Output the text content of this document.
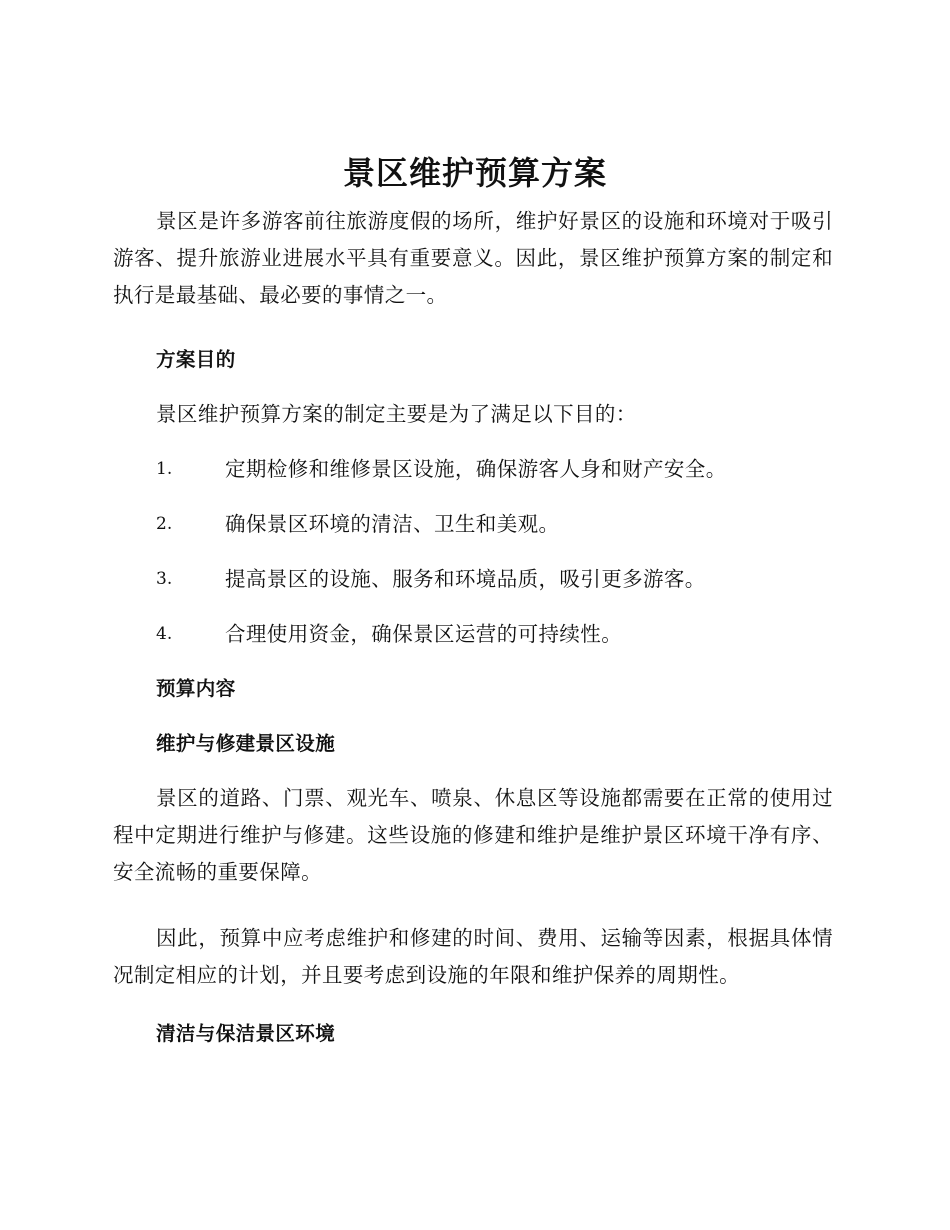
景区维护预算方案

景区是许多游客前往旅游度假的场所，维护好景区的设施和环境对于吸引游客、提升旅游业进展水平具有重要意义。因此，景区维护预算方案的制定和执行是最基础、最必要的事情之一。

方案目的

景区维护预算方案的制定主要是为了满足以下目的：

1.	定期检修和维修景区设施，确保游客人身和财产安全。
2.	确保景区环境的清洁、卫生和美观。
3.	提高景区的设施、服务和环境品质，吸引更多游客。
4.	合理使用资金，确保景区运营的可持续性。
预算内容
维护与修建景区设施

景区的道路、门票、观光车、喷泉、休息区等设施都需要在正常的使用过程中定期进行维护与修建。这些设施的修建和维护是维护景区环境干净有序、安全流畅的重要保障。

因此，预算中应考虑维护和修建的时间、费用、运输等因素，根据具体情况制定相应的计划，并且要考虑到设施的年限和维护保养的周期性。

清洁与保洁景区环境
